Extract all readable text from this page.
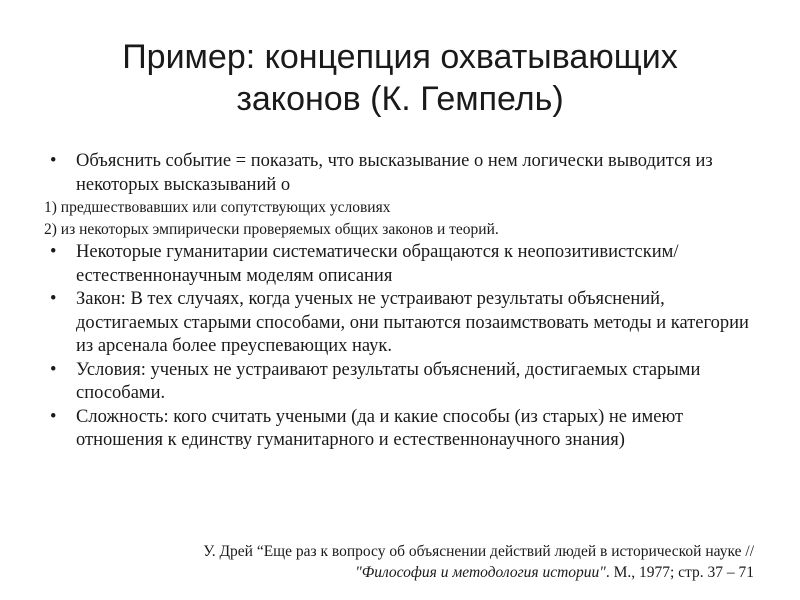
Пример: концепция охватывающих
законов (К. Гемпель)
• Объяснить событие = показать, что высказывание о нем логически выводится из некоторых высказываний о
1) предшествовавших или сопутствующих условиях
2) из некоторых эмпирически проверяемых общих законов и теорий.
• Некоторые гуманитарии систематически обращаются к неопозитивистским/естественнонаучным моделям описания
• Закон: В тех случаях, когда ученых не устраивают результаты объяснений, достигаемых старыми способами, они пытаются позаимствовать методы и категории из арсенала более преуспевающих наук.
• Условия: ученых не устраивают результаты объяснений, достигаемых старыми способами.
• Сложность: кого считать учеными (да и какие способы (из старых) не имеют отношения к единству гуманитарного и естественнонаучного знания)
У. Дрей “Еще раз к вопросу об объяснении действий людей в исторической науке //
"Философия и методология истории". М., 1977; стр. 37 – 71
